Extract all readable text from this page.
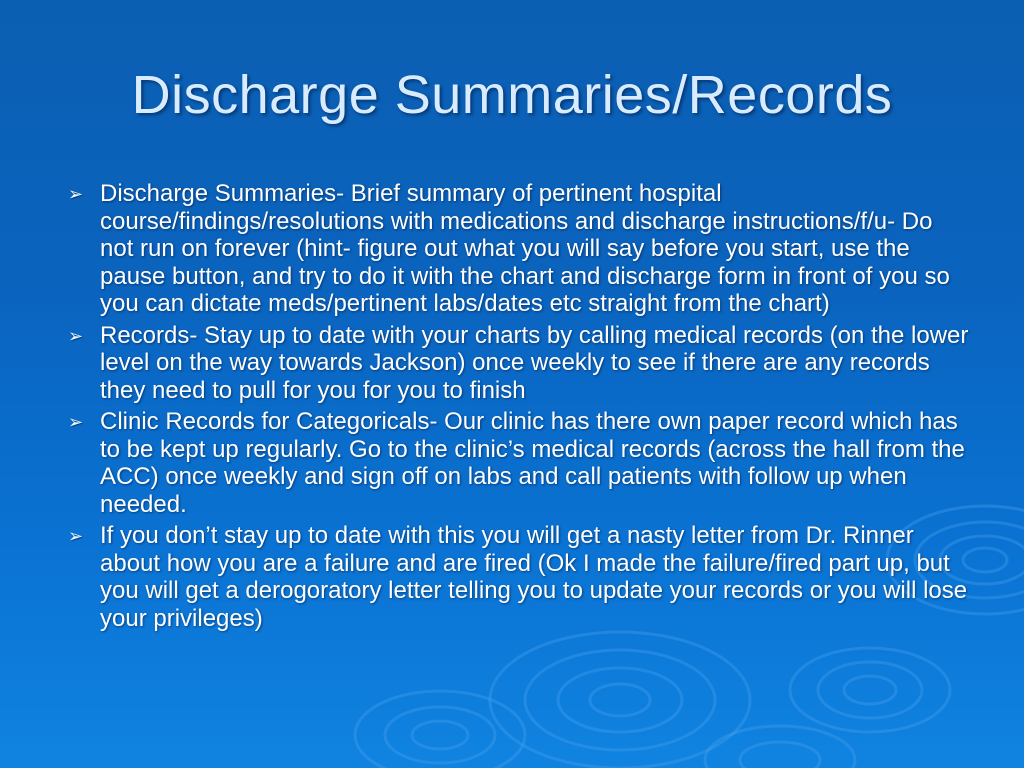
Discharge Summaries/Records
➢ Discharge Summaries- Brief summary of pertinent hospital course/findings/resolutions with medications and discharge instructions/f/u- Do not run on forever (hint- figure out what you will say before you start, use the pause button, and try to do it with the chart and discharge form in front of you so you can dictate meds/pertinent labs/dates etc straight from the chart)
➢ Records- Stay up to date with your charts by calling medical records (on the lower level on the way towards Jackson) once weekly to see if there are any records they need to pull for you for you to finish
➢ Clinic Records for Categoricals- Our clinic has there own paper record which has to be kept up regularly. Go to the clinic’s medical records (across the hall from the ACC) once weekly and sign off on labs and call patients with follow up when needed.
➢ If you don’t stay up to date with this you will get a nasty letter from Dr. Rinner about how you are a failure and are fired (Ok I made the failure/fired part up, but you will get a derogoratory letter telling you to update your records or you will lose your privileges)
